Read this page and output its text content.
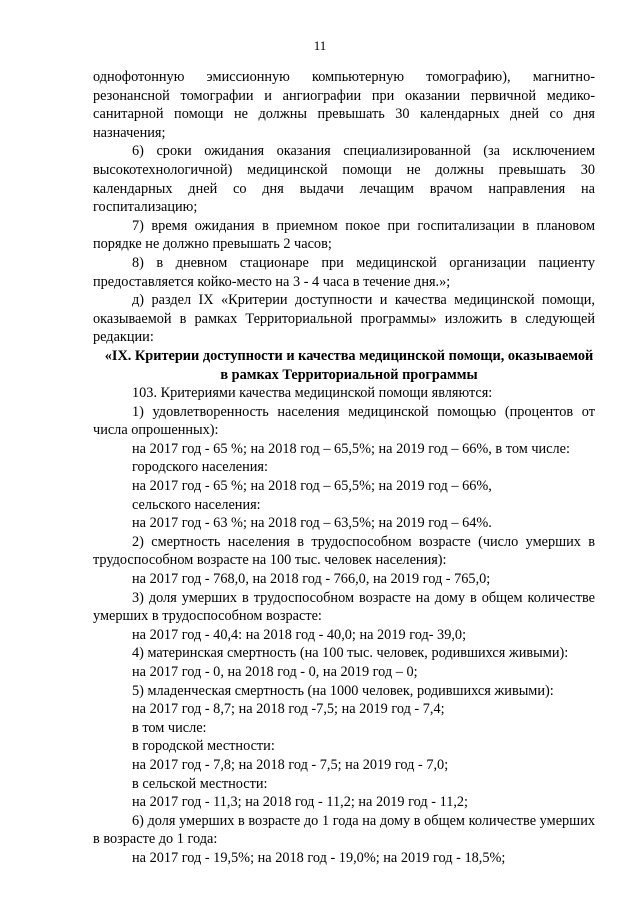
11

однофотонную эмиссионную компьютерную томографию), магнитно-резонансной томографии и ангиографии при оказании первичной медико-санитарной помощи не должны превышать 30 календарных дней со дня назначения;

6) сроки ожидания оказания специализированной (за исключением высокотехнологичной) медицинской помощи не должны превышать 30 календарных дней со дня выдачи лечащим врачом направления на госпитализацию;

7) время ожидания в приемном покое при госпитализации в плановом порядке не должно превышать 2 часов;

8) в дневном стационаре при медицинской организации пациенту предоставляется койко-место на 3 - 4 часа в течение дня.»;

д) раздел IX «Критерии доступности и качества медицинской помощи, оказываемой в рамках Территориальной программы» изложить в следующей редакции:

«IX. Критерии доступности и качества медицинской помощи, оказываемой в рамках Территориальной программы

103. Критериями качества медицинской помощи являются:

1) удовлетворенность населения медицинской помощью (процентов от числа опрошенных):

на 2017 год - 65 %; на 2018 год – 65,5%; на 2019 год – 66%, в том числе:

городского населения:

на 2017 год - 65 %; на 2018 год – 65,5%; на 2019 год – 66%,

сельского населения:

на 2017 год - 63 %; на 2018 год – 63,5%; на 2019 год – 64%.

2) смертность населения в трудоспособном возрасте (число умерших в трудоспособном возрасте на 100 тыс. человек населения):

на 2017 год - 768,0, на 2018 год - 766,0, на 2019 год - 765,0;

3) доля умерших в трудоспособном возрасте на дому в общем количестве умерших в трудоспособном возрасте:

на 2017 год - 40,4: на 2018 год - 40,0; на 2019 год- 39,0;

4) материнская смертность (на 100 тыс. человек, родившихся живыми):

на 2017 год - 0, на 2018 год - 0, на 2019 год – 0;

5) младенческая смертность (на 1000 человек, родившихся живыми):

на 2017 год - 8,7; на 2018 год -7,5; на 2019 год - 7,4;

в том числе:

в городской местности:

на 2017 год - 7,8; на 2018 год - 7,5; на 2019 год - 7,0;

в сельской местности:

на 2017 год - 11,3; на 2018 год - 11,2; на 2019 год - 11,2;

6) доля умерших в возрасте до 1 года на дому в общем количестве умерших в возрасте до 1 года:

на 2017 год - 19,5%; на 2018 год - 19,0%; на 2019 год - 18,5%;
